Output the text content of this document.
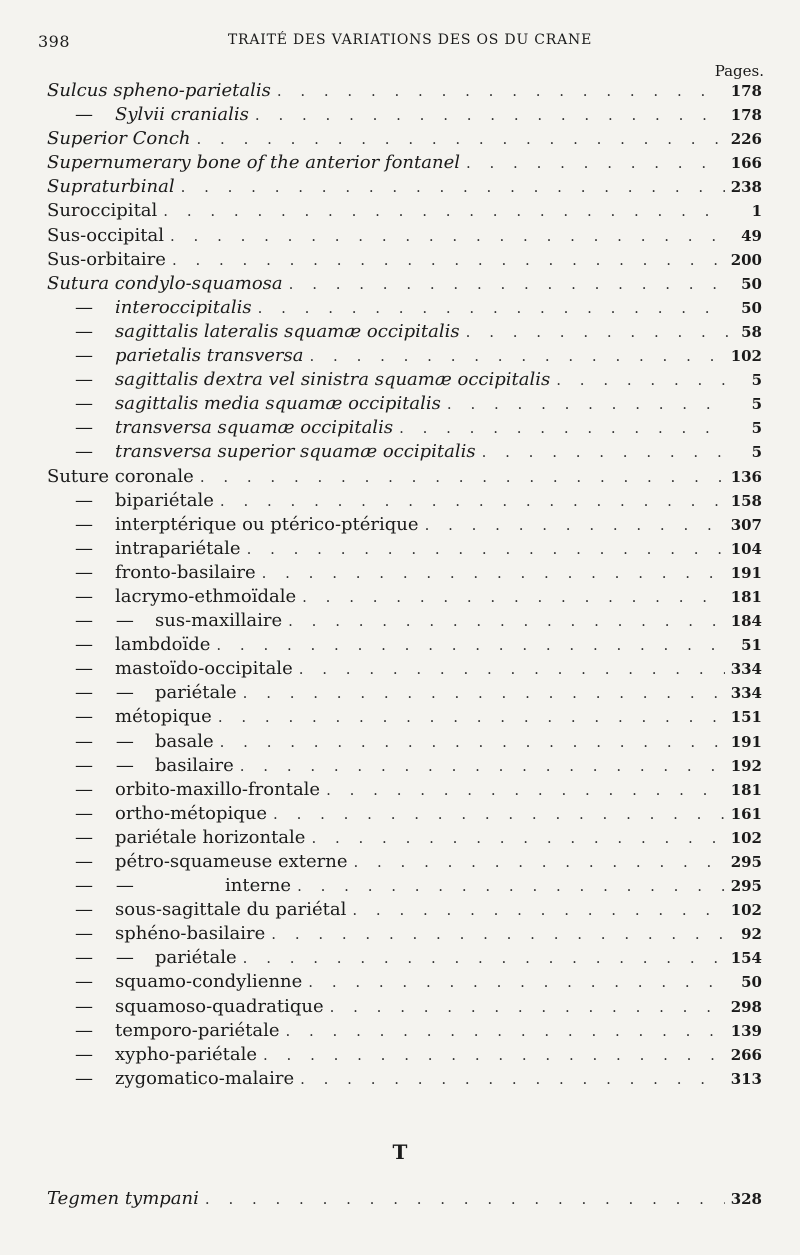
398	TRAITÉ DES VARIATIONS DES OS DU CRANE
Pages.
Sulcus spheno-parietalis . . .	178
—	Sylvii cranialis . . .	178
Superior Conch . . .	226
Supernumerary bone of the anterior fontanel . . .	166
Supraturbinal . . .	238
Suroccipital . . .	1
Sus-occipital . . .	49
Sus-orbitaire . . .	200
Sutura condylo-squamosa . . .	50
—	interoccipitalis . . .	50
—	sagittalis lateralis squamæ occipitalis . . .	58
—	parietalis transversa . . .	102
—	sagittalis dextra vel sinistra squamæ occipitalis . . .	5
—	sagittalis media squamæ occipitalis . . .	5
—	transversa squamæ occipitalis . . .	5
—	transversa superior squamæ occipitalis . . .	5
Suture coronale . . .	136
—	bipariétale . . .	158
—	interptérique ou ptérico-ptérique . . .	307
—	intrapariétale . . .	104
—	fronto-basilaire . . .	191
—	lacrymo-ethmoïdale . . .	181
—    —	sus-maxillaire . . .	184
—	lambdoïde . . .	51
—	mastoïdo-occipitale . . .	334
—    —	pariétale . . .	334
—	métopique . . .	151
—    —	basale . . .	191
—    —	basilaire . . .	192
—	orbito-maxillo-frontale . . .	181
—	ortho-métopique . . .	161
—	pariétale horizontale . . .	102
—	pétro-squameuse externe . . .	295
—    —	interne . . .	295
—	sous-sagittale du pariétal . . .	102
—	sphéno-basilaire . . .	92
—    —	pariétale . . .	154
—	squamo-condylienne . . .	50
—	squamoso-quadratique . . .	298
—	temporo-pariétale . . .	139
—	xypho-pariétale . . .	266
—	zygomatico-malaire . . .	313
T
Tegmen tympani . . .	328
